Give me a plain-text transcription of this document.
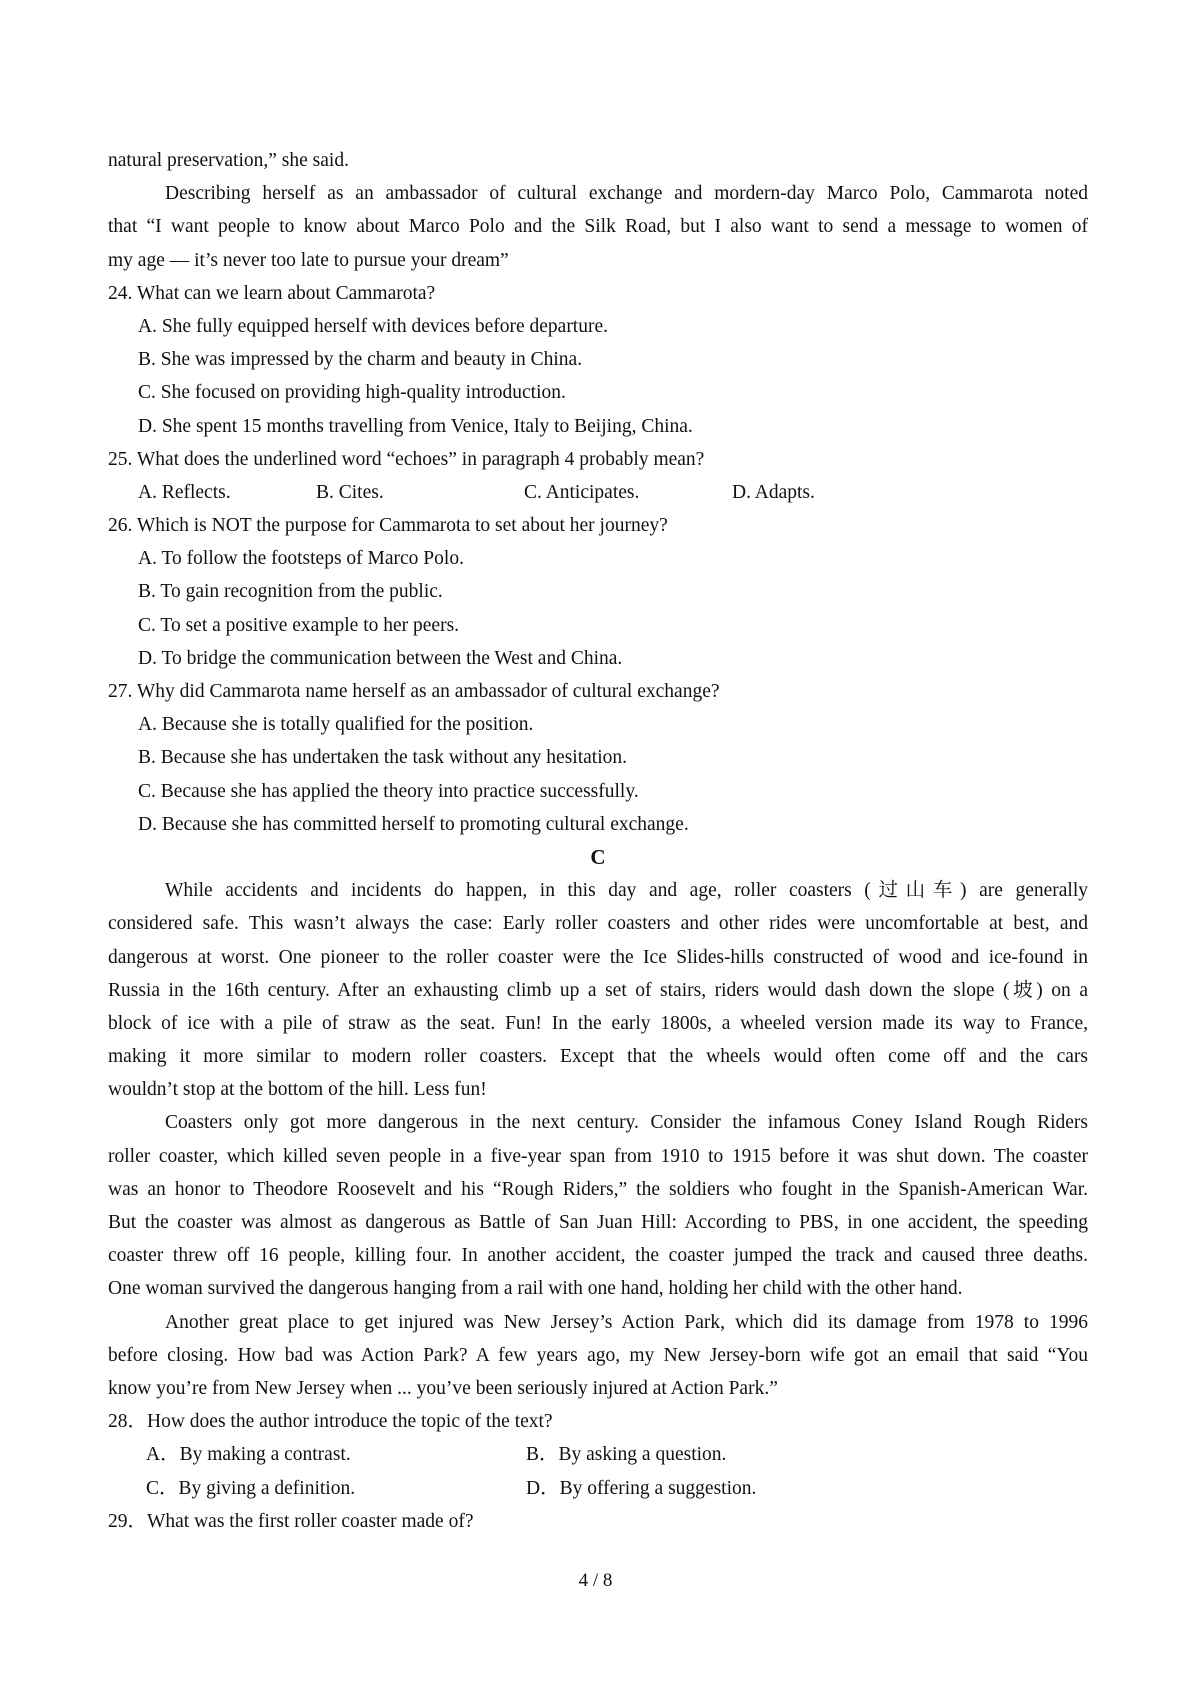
natural preservation,” she said.
Describing herself as an ambassador of cultural exchange and mordern-day Marco Polo, Cammarota noted
that “I want people to know about Marco Polo and the Silk Road, but I also want to send a message to women of
my age — it’s never too late to pursue your dream”
24. What can we learn about Cammarota?
A. She fully equipped herself with devices before departure.
B. She was impressed by the charm and beauty in China.
C. She focused on providing high-quality introduction.
D. She spent 15 months travelling from Venice, Italy to Beijing, China.
25. What does the underlined word “echoes” in paragraph 4 probably mean?
A. Reflects.	B. Cites.	C. Anticipates.	D. Adapts.
26. Which is NOT the purpose for Cammarota to set about her journey?
A. To follow the footsteps of Marco Polo.
B. To gain recognition from the public.
C. To set a positive example to her peers.
D. To bridge the communication between the West and China.
27. Why did Cammarota name herself as an ambassador of cultural exchange?
A. Because she is totally qualified for the position.
B. Because she has undertaken the task without any hesitation.
C. Because she has applied the theory into practice successfully.
D. Because she has committed herself to promoting cultural exchange.
C
While accidents and incidents do happen, in this day and age, roller coasters (过山车) are generally
considered safe. This wasn’t always the case: Early roller coasters and other rides were uncomfortable at best, and
dangerous at worst. One pioneer to the roller coaster were the Ice Slides-hills constructed of wood and ice-found in
Russia in the 16th century. After an exhausting climb up a set of stairs, riders would dash down the slope (坡) on a
block of ice with a pile of straw as the seat. Fun! In the early 1800s, a wheeled version made its way to France,
making it more similar to modern roller coasters. Except that the wheels would often come off and the cars
wouldn’t stop at the bottom of the hill. Less fun!
Coasters only got more dangerous in the next century. Consider the infamous Coney Island Rough Riders
roller coaster, which killed seven people in a five-year span from 1910 to 1915 before it was shut down. The coaster
was an honor to Theodore Roosevelt and his “Rough Riders,” the soldiers who fought in the Spanish-American War.
But the coaster was almost as dangerous as Battle of San Juan Hill: According to PBS, in one accident, the speeding
coaster threw off 16 people, killing four. In another accident, the coaster jumped the track and caused three deaths.
One woman survived the dangerous hanging from a rail with one hand, holding her child with the other hand.
Another great place to get injured was New Jersey’s Action Park, which did its damage from 1978 to 1996
before closing. How bad was Action Park? A few years ago, my New Jersey-born wife got an email that said “You
know you’re from New Jersey when ... you’ve been seriously injured at Action Park.”
28．How does the author introduce the topic of the text?
A．By making a contrast.	B．By asking a question.
C．By giving a definition.	D．By offering a suggestion.
29．What was the first roller coaster made of?
4 / 8
